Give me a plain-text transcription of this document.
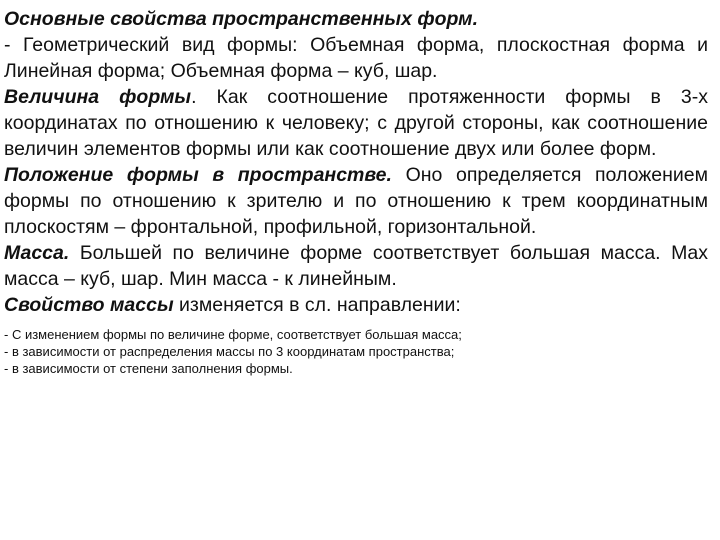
Основные свойства пространственных форм.

- Геометрический вид формы: Объемная форма, плоскостная форма и Линейная форма; Объемная форма – куб, шар.

Величина формы. Как соотношение протяженности формы в 3-х координатах по отношению к человеку; с другой стороны, как соотношение величин элементов формы или как соотношение двух или более форм.

Положение формы в пространстве. Оно определяется положением формы по отношению к зрителю и по отношению к трем координатным плоскостям – фронтальной, профильной, горизонтальной.

Масса. Большей по величине форме соответствует большая масса. Max масса – куб, шар. Мин масса - к линейным.

Свойство массы изменяется в сл. направлении:

- С изменением формы по величине форме, соответствует большая масса;

- в зависимости от распределения массы по 3 координатам пространства;

- в зависимости от степени заполнения формы.
